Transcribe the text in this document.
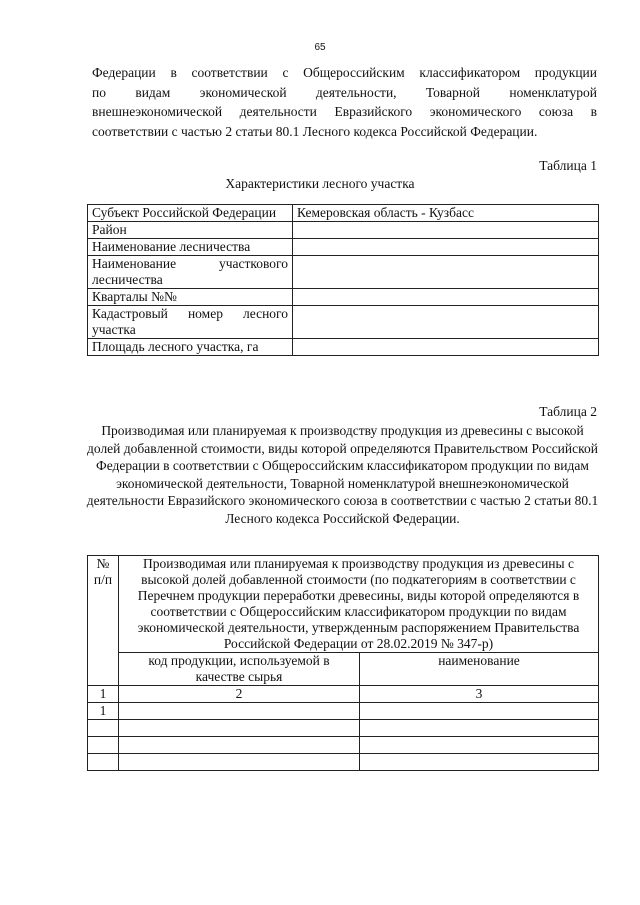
65
Федерации в соответствии с Общероссийским классификатором продукции
по видам экономической деятельности, Товарной номенклатурой
внешнеэкономической деятельности Евразийского экономического союза в
соответствии с частью 2 статьи 80.1 Лесного кодекса Российской Федерации.
Таблица 1
Характеристики лесного участка
Субъект Российской Федерации	Кемеровская область - Кузбасс
Район	
Наименование лесничества	
Наименование участкового лесничества	
Кварталы №№	
Кадастровый номер лесного участка	
Площадь лесного участка, га	
Таблица 2
Производимая или планируемая к производству продукция из древесины с высокой долей добавленной стоимости, виды которой определяются Правительством Российской Федерации в соответствии с Общероссийским классификатором продукции по видам экономической деятельности, Товарной номенклатурой внешнеэкономической деятельности Евразийского экономического союза в соответствии с частью 2 статьи 80.1 Лесного кодекса Российской Федерации.
№ п/п	Производимая или планируемая к производству продукция из древесины с высокой долей добавленной стоимости (по подкатегориям в соответствии с Перечнем продукции переработки древесины, виды которой определяются в соответствии с Общероссийским классификатором продукции по видам экономической деятельности, утвержденным распоряжением Правительства Российской Федерации от 28.02.2019 № 347-р)	
	код продукции, используемой в качестве сырья	наименование
1	2	3
1		
